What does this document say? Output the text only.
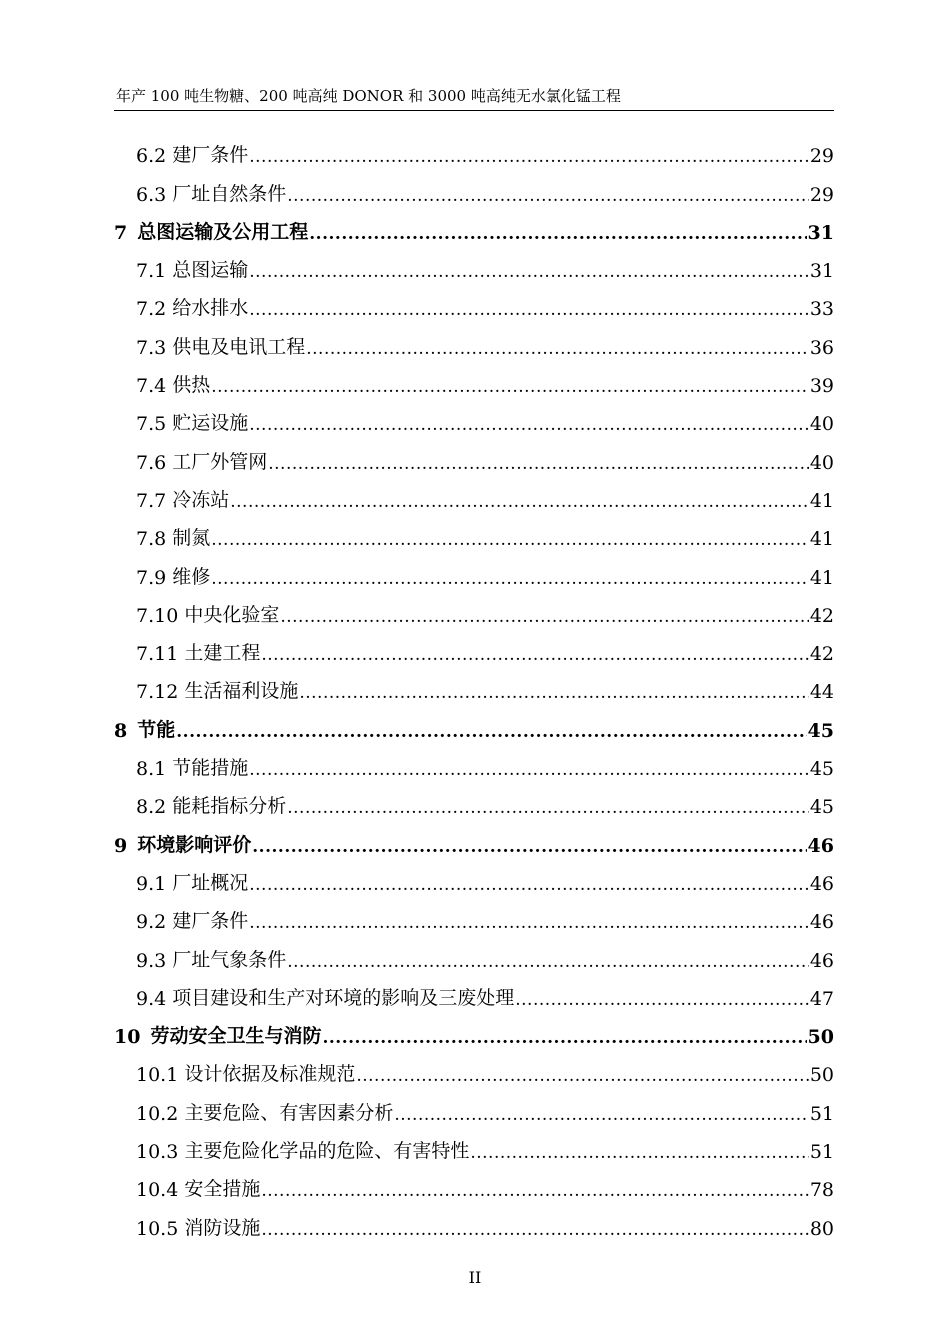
年产 100 吨生物糖、200 吨高纯 DONOR 和 3000 吨高纯无水氯化锰工程
6.2 建厂条件 .....	29
6.3 厂址自然条件 .....	29
7 总图运输及公用工程 .....	31
7.1 总图运输 .....	31
7.2 给水排水 .....	33
7.3 供电及电讯工程 .....	36
7.4 供热 .....	39
7.5 贮运设施 .....	40
7.6 工厂外管网 .....	40
7.7 冷冻站 .....	41
7.8 制氮 .....	41
7.9 维修 .....	41
7.10 中央化验室 .....	42
7.11 土建工程 .....	42
7.12 生活福利设施 .....	44
8 节能 .....	45
8.1 节能措施 .....	45
8.2 能耗指标分析 .....	45
9 环境影响评价 .....	46
9.1 厂址概况 .....	46
9.2 建厂条件 .....	46
9.3 厂址气象条件 .....	46
9.4 项目建设和生产对环境的影响及三废处理 .....	47
10 劳动安全卫生与消防 .....	50
10.1 设计依据及标准规范 .....	50
10.2 主要危险、有害因素分析 .....	51
10.3 主要危险化学品的危险、有害特性 .....	51
10.4 安全措施 .....	78
10.5 消防设施 .....	80
II
